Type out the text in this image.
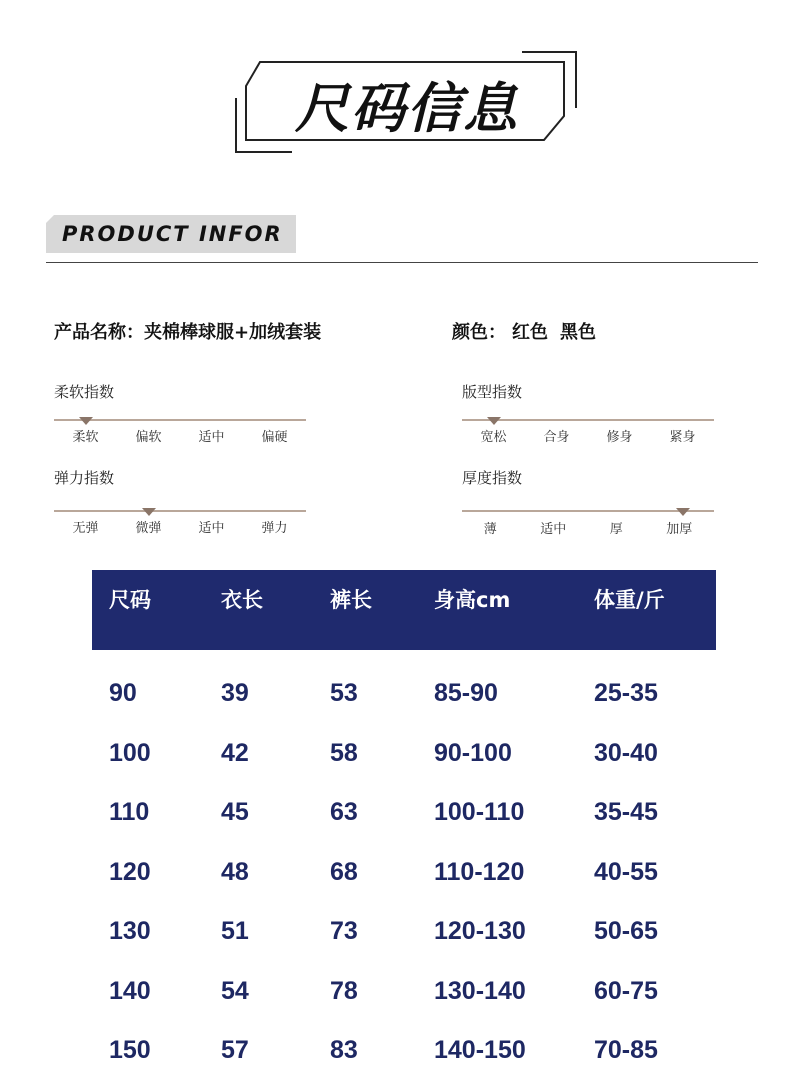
尺码信息
PRODUCT INFOR
产品名称：夹棉棒球服+加绒套装	颜色： 红色 黑色
柔软指数
柔软	偏软	适中	偏硬
版型指数
宽松	合身	修身	紧身
弹力指数
无弹	微弹	适中	弹力
厚度指数
薄	适中	厚	加厚
尺码	衣长	裤长	身高cm	体重/斤
90	39	53	85-90	25-35
100	42	58	90-100	30-40
110	45	63	100-110	35-45
120	48	68	110-120	40-55
130	51	73	120-130	50-65
140	54	78	130-140	60-75
150	57	83	140-150	70-85
